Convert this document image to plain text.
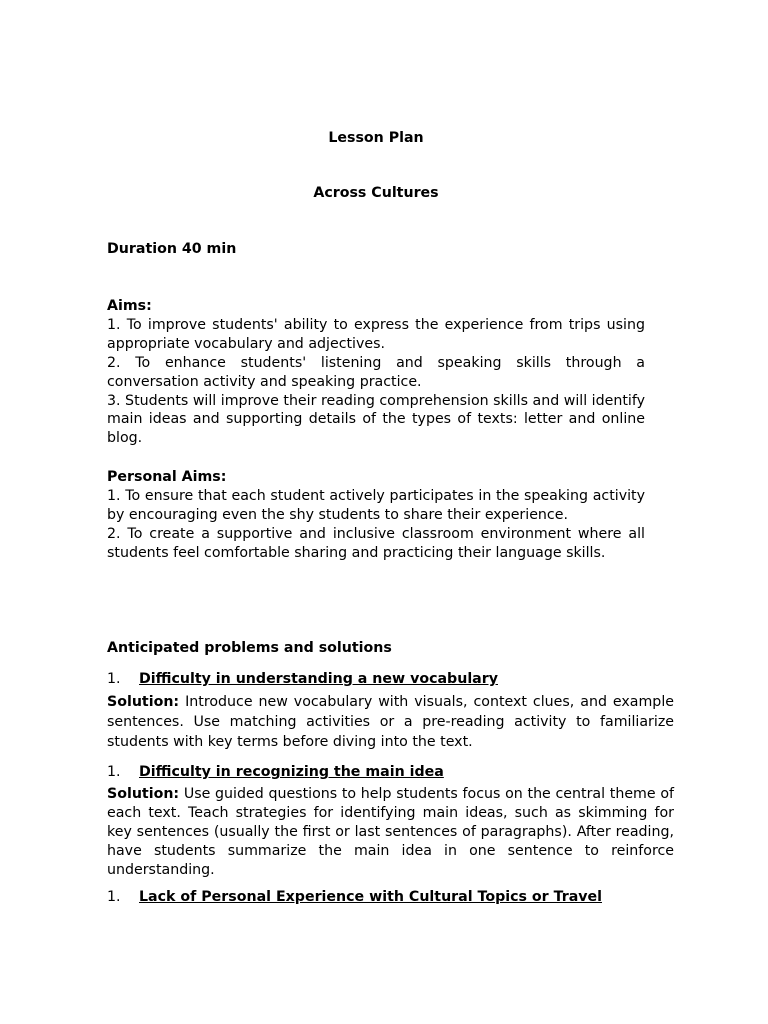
Lesson Plan
Across Cultures
Duration 40 min
Aims:

1. To improve students' ability to express the experience from trips using appropriate vocabulary and adjectives.

2. To enhance students' listening and speaking skills through a conversation activity and speaking practice.

3. Students will improve their reading comprehension skills and will identify main ideas and supporting details of the types of texts: letter and online blog.

Personal Aims:

1. To ensure that each student actively participates in the speaking activity by encouraging even the shy students to share their experience.

2. To create a supportive and inclusive classroom environment where all students feel comfortable sharing and practicing their language skills.

Anticipated problems and solutions
1.	Difficulty in understanding a new vocabulary
Solution: Introduce new vocabulary with visuals, context clues, and example sentences. Use matching activities or a pre-reading activity to familiarize students with key terms before diving into the text.
1.	Difficulty in recognizing the main idea
Solution: Use guided questions to help students focus on the central theme of each text. Teach strategies for identifying main ideas, such as skimming for key sentences (usually the first or last sentences of paragraphs). After reading, have students summarize the main idea in one sentence to reinforce understanding.
1.	Lack of Personal Experience with Cultural Topics or Travel
